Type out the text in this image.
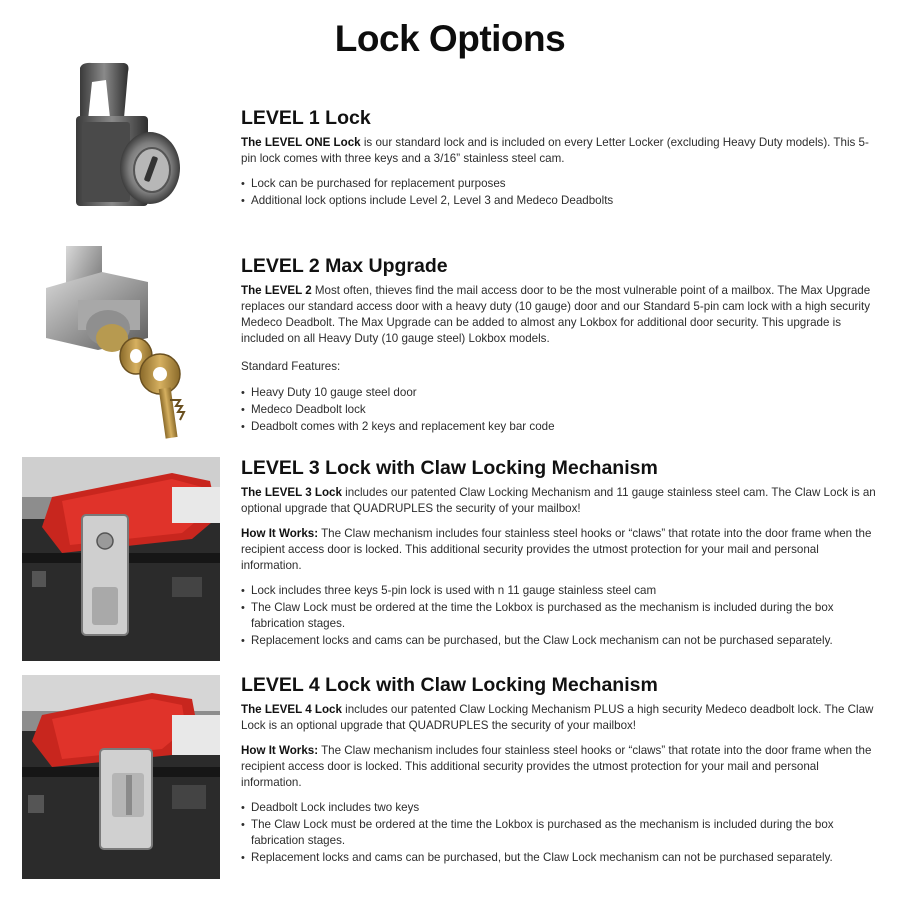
Lock Options
LEVEL 1 Lock

The LEVEL ONE Lock is our standard lock and is included on every Letter Locker (excluding Heavy Duty models). This 5-pin lock comes with three keys and a 3/16” stainless steel cam.

• Lock can be purchased for replacement purposes
• Additional lock options include Level 2, Level 3 and Medeco Deadbolts
LEVEL 2 Max Upgrade

The LEVEL 2 Most often, thieves find the mail access door to be the most vulnerable point of a mailbox. The Max Upgrade replaces our standard access door with a heavy duty (10 gauge) door and our Standard 5-pin cam lock with a high security Medeco Deadbolt. The Max Upgrade can be added to almost any Lokbox for additional door security. This upgrade is included on all Heavy Duty (10 gauge steel) Lokbox models.

Standard Features:

• Heavy Duty 10 gauge steel door
• Medeco Deadbolt lock
• Deadbolt comes with 2 keys and replacement key bar code
LEVEL 3 Lock with Claw Locking Mechanism

The LEVEL 3 Lock includes our patented Claw Locking Mechanism and 11 gauge stainless steel cam. The Claw Lock is an optional upgrade that QUADRUPLES the security of your mailbox!

How It Works: The Claw mechanism includes four stainless steel hooks or “claws” that rotate into the door frame when the recipient access door is locked. This additional security provides the utmost protection for your mail and personal information.

• Lock includes three keys 5-pin lock is used with n 11 gauge stainless steel cam
• The Claw Lock must be ordered at the time the Lokbox is purchased as the mechanism is included during the box fabrication stages.
• Replacement locks and cams can be purchased, but the Claw Lock mechanism can not be purchased separately.
LEVEL 4 Lock with Claw Locking Mechanism

The LEVEL 4 Lock includes our patented Claw Locking Mechanism PLUS a high security Medeco deadbolt lock. The Claw Lock is an optional upgrade that QUADRUPLES the security of your mailbox!

How It Works: The Claw mechanism includes four stainless steel hooks or “claws” that rotate into the door frame when the recipient access door is locked. This additional security provides the utmost protection for your mail and personal information.

• Deadbolt Lock includes two keys
• The Claw Lock must be ordered at the time the Lokbox is purchased as the mechanism is included during the box fabrication stages.
• Replacement locks and cams can be purchased, but the Claw Lock mechanism can not be purchased separately.
